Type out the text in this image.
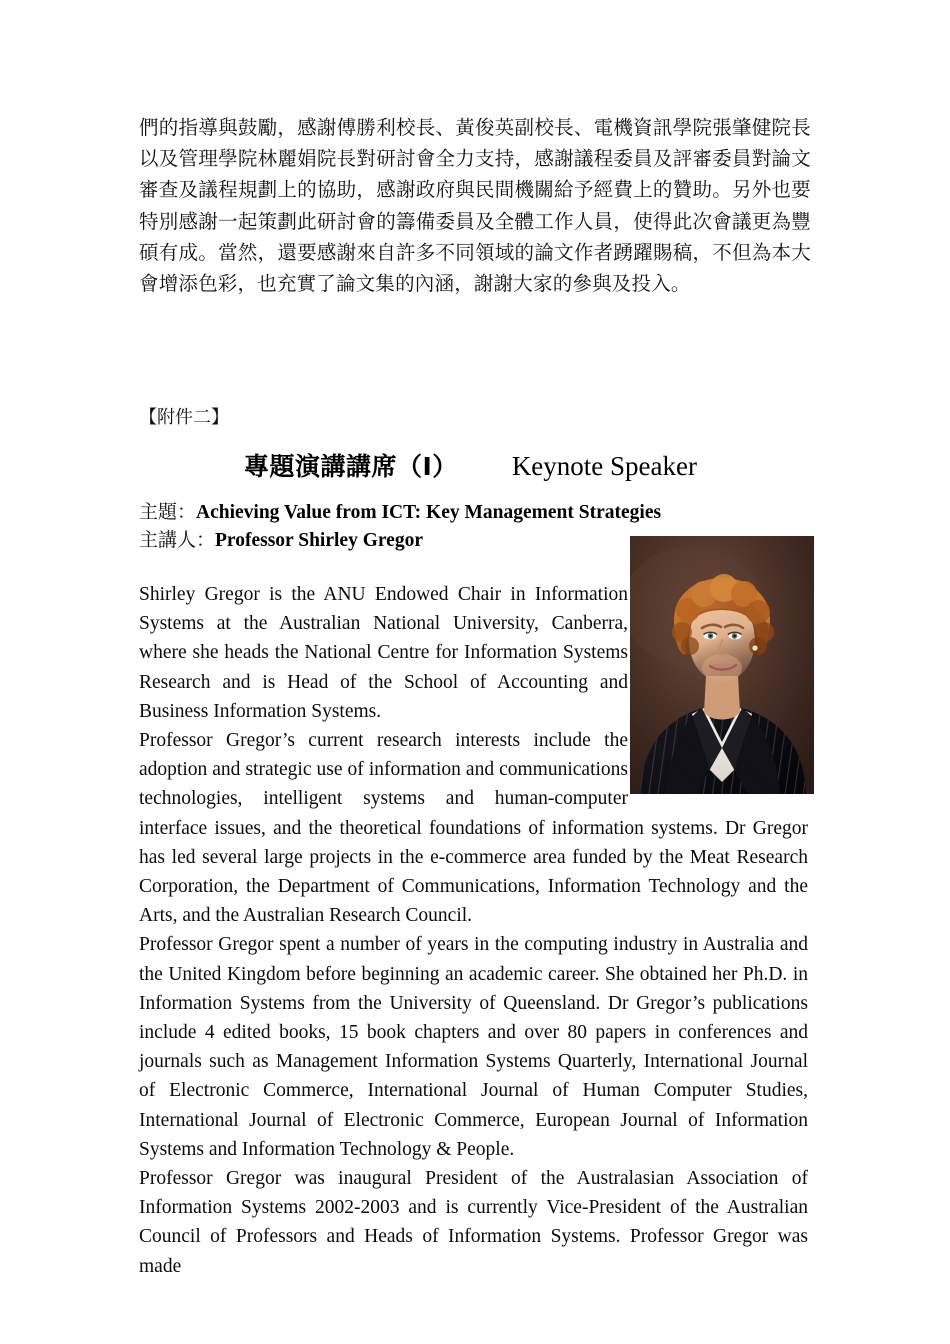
們的指導與鼓勵，感謝傅勝利校長、黃俊英副校長、電機資訊學院張肇健院長以及管理學院林麗娟院長對研討會全力支持，感謝議程委員及評審委員對論文審查及議程規劃上的協助，感謝政府與民間機關給予經費上的贊助。另外也要特別感謝一起策劃此研討會的籌備委員及全體工作人員，使得此次會議更為豐碩有成。當然，還要感謝來自許多不同領域的論文作者踴躍賜稿，不但為本大會增添色彩，也充實了論文集的內涵，謝謝大家的參與及投入。
【附件二】
專題演講講席（Ⅰ） Keynote Speaker
主題：Achieving Value from ICT: Key Management Strategies
主講人：Professor Shirley Gregor

Shirley Gregor is the ANU Endowed Chair in Information Systems at the Australian National University, Canberra, where she heads the National Centre for Information Systems Research and is Head of the School of Accounting and Business Information Systems.

Professor Gregor’s current research interests include the adoption and strategic use of information and communications technologies, intelligent systems and human-computer interface issues, and the theoretical foundations of information systems. Dr Gregor has led several large projects in the e-commerce area funded by the Meat Research Corporation, the Department of Communications, Information Technology and the Arts, and the Australian Research Council.

Professor Gregor spent a number of years in the computing industry in Australia and the United Kingdom before beginning an academic career. She obtained her Ph.D. in Information Systems from the University of Queensland. Dr Gregor’s publications include 4 edited books, 15 book chapters and over 80 papers in conferences and journals such as Management Information Systems Quarterly, International Journal of Electronic Commerce, International Journal of Human Computer Studies, International Journal of Electronic Commerce, European Journal of Information Systems and Information Technology & People.

Professor Gregor was inaugural President of the Australasian Association of Information Systems 2002-2003 and is currently Vice-President of the Australian Council of Professors and Heads of Information Systems. Professor Gregor was made
